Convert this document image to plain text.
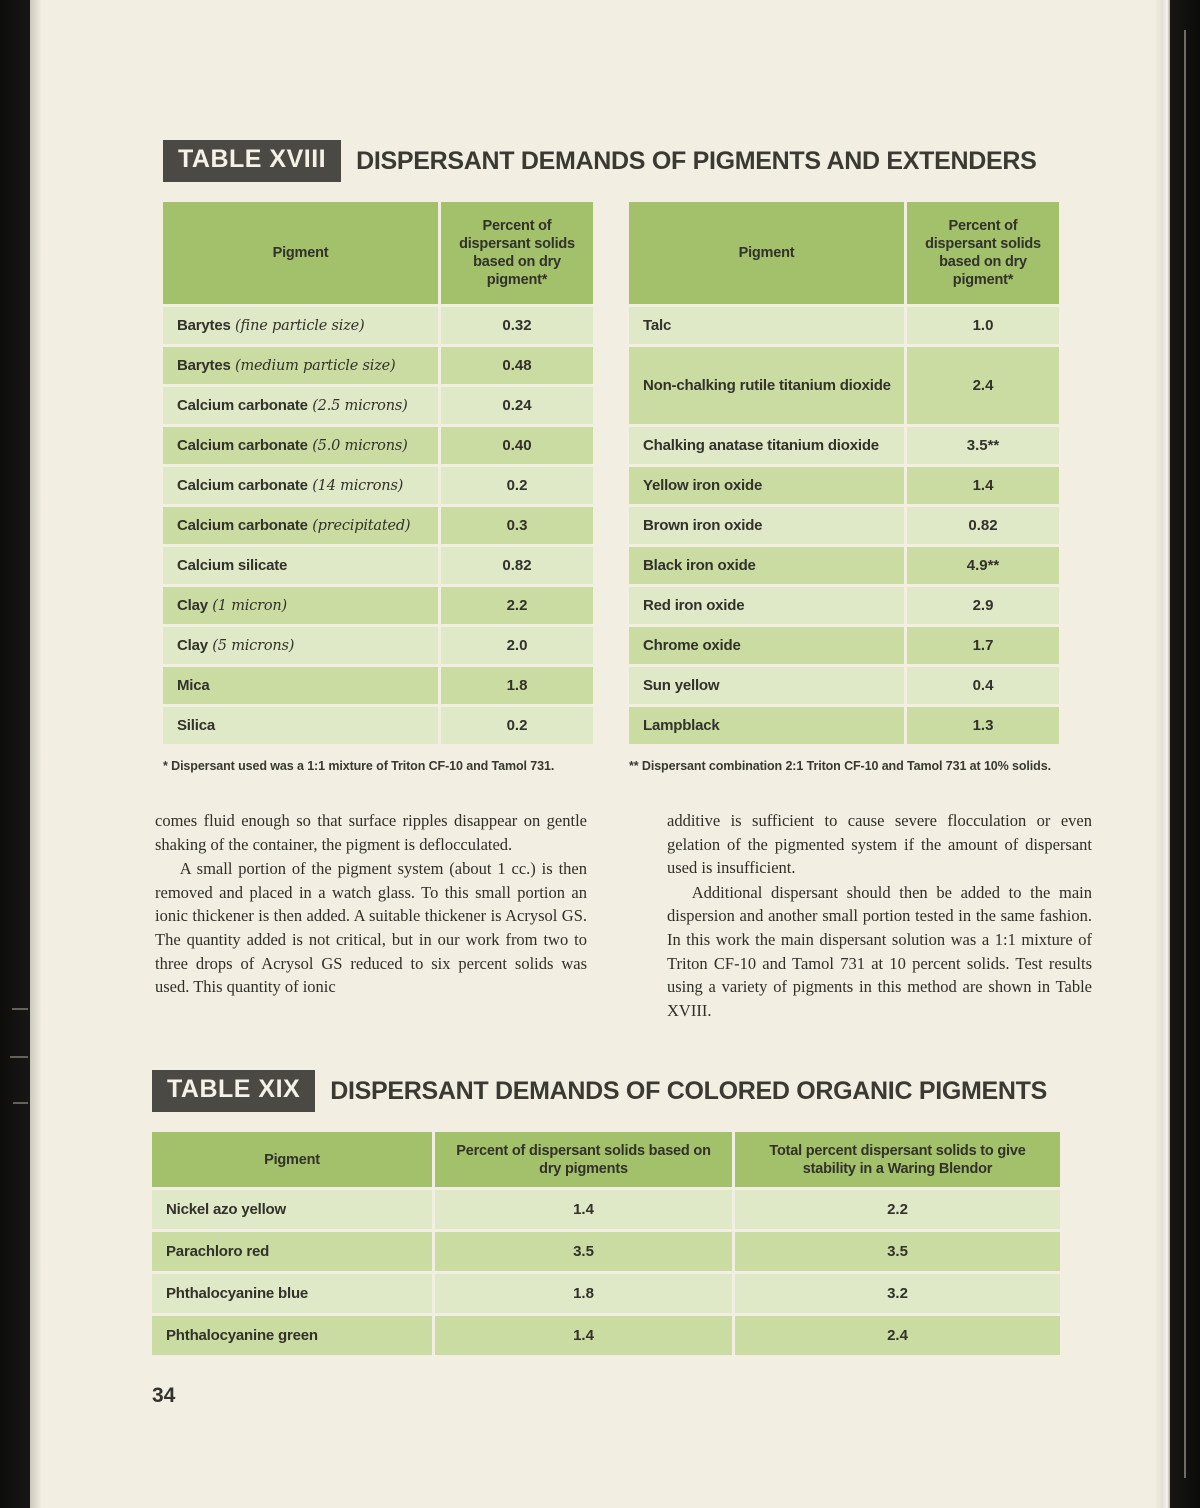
TABLE XVIII	DISPERSANT DEMANDS OF PIGMENTS AND EXTENDERS
Pigment	Percent of dispersant solids based on dry pigment*
Barytes (fine particle size)	0.32
Barytes (medium particle size)	0.48
Calcium carbonate (2.5 microns)	0.24
Calcium carbonate (5.0 microns)	0.40
Calcium carbonate (14 microns)	0.2
Calcium carbonate (precipitated)	0.3
Calcium silicate	0.82
Clay (1 micron)	2.2
Clay (5 microns)	2.0
Mica	1.8
Silica	0.2
Pigment	Percent of dispersant solids based on dry pigment*
Talc	1.0
Non-chalking rutile titanium dioxide	2.4
Chalking anatase titanium dioxide	3.5**
Yellow iron oxide	1.4
Brown iron oxide	0.82
Black iron oxide	4.9**
Red iron oxide	2.9
Chrome oxide	1.7
Sun yellow	0.4
Lampblack	1.3
* Dispersant used was a 1:1 mixture of Triton CF-10 and Tamol 731.	** Dispersant combination 2:1 Triton CF-10 and Tamol 731 at 10% solids.

comes fluid enough so that surface ripples disappear on gentle shaking of the container, the pigment is deflocculated.

A small portion of the pigment system (about 1 cc.) is then removed and placed in a watch glass. To this small portion an ionic thickener is then added. A suitable thickener is Acrysol GS. The quantity added is not critical, but in our work from two to three drops of Acrysol GS reduced to six percent solids was used. This quantity of ionic

additive is sufficient to cause severe flocculation or even gelation of the pigmented system if the amount of dispersant used is insufficient.

Additional dispersant should then be added to the main dispersion and another small portion tested in the same fashion. In this work the main dispersant solution was a 1:1 mixture of Triton CF-10 and Tamol 731 at 10 percent solids. Test results using a variety of pigments in this method are shown in Table XVIII.

TABLE XIX	DISPERSANT DEMANDS OF COLORED ORGANIC PIGMENTS
Pigment	Percent of dispersant solids based on dry pigments	Total percent dispersant solids to give stability in a Waring Blendor
Nickel azo yellow	1.4	2.2
Parachloro red	3.5	3.5
Phthalocyanine blue	1.8	3.2
Phthalocyanine green	1.4	2.4
34
